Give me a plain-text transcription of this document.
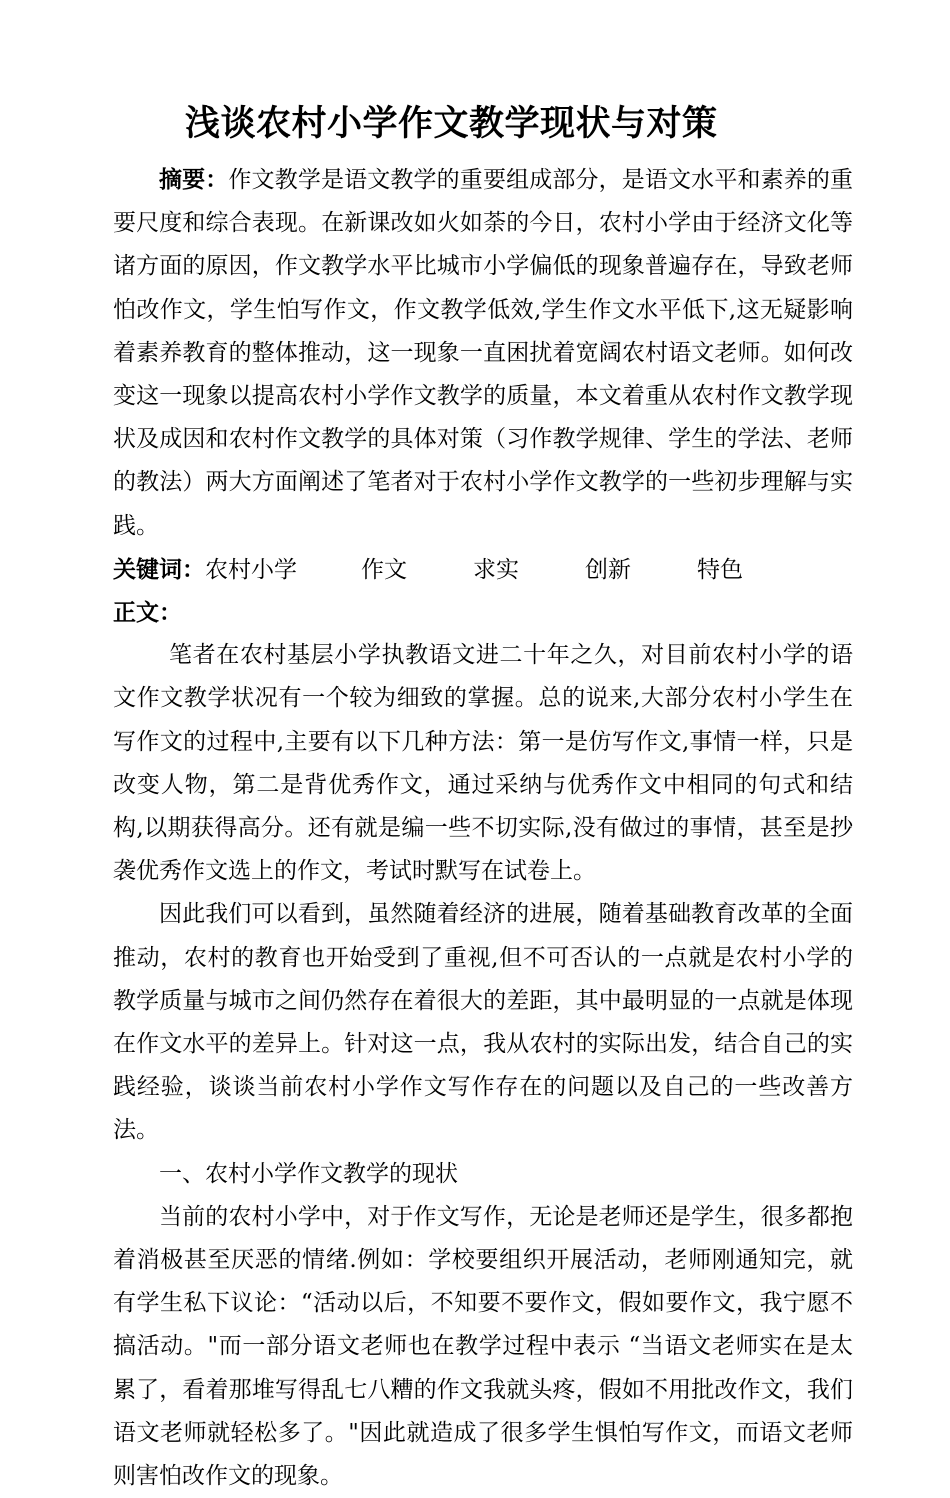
浅谈农村小学作文教学现状与对策

摘要：作文教学是语文教学的重要组成部分，是语文水平和素养的重要尺度和综合表现。在新课改如火如荼的今日，农村小学由于经济文化等诸方面的原因，作文教学水平比城市小学偏低的现象普遍存在，导致老师怕改作文，学生怕写作文，作文教学低效,学生作文水平低下,这无疑影响着素养教育的整体推动，这一现象一直困扰着宽阔农村语文老师。如何改变这一现象以提高农村小学作文教学的质量，本文着重从农村作文教学现状及成因和农村作文教学的具体对策（习作教学规律、学生的学法、老师的教法）两大方面阐述了笔者对于农村小学作文教学的一些初步理解与实践。

关键词：农村小学	作文	求实	创新	特色

正文：

笔者在农村基层小学执教语文进二十年之久，对目前农村小学的语文作文教学状况有一个较为细致的掌握。总的说来,大部分农村小学生在写作文的过程中,主要有以下几种方法：第一是仿写作文,事情一样，只是改变人物，第二是背优秀作文，通过采纳与优秀作文中相同的句式和结构,以期获得高分。还有就是编一些不切实际,没有做过的事情，甚至是抄袭优秀作文选上的作文，考试时默写在试卷上。

因此我们可以看到，虽然随着经济的进展，随着基础教育改革的全面推动，农村的教育也开始受到了重视,但不可否认的一点就是农村小学的教学质量与城市之间仍然存在着很大的差距，其中最明显的一点就是体现在作文水平的差异上。针对这一点，我从农村的实际出发，结合自己的实践经验，谈谈当前农村小学作文写作存在的问题以及自己的一些改善方法。

一、农村小学作文教学的现状

当前的农村小学中，对于作文写作，无论是老师还是学生，很多都抱着消极甚至厌恶的情绪.例如：学校要组织开展活动，老师刚通知完，就有学生私下议论：“活动以后，不知要不要作文，假如要作文，我宁愿不搞活动。"而一部分语文老师也在教学过程中表示 “当语文老师实在是太累了，看着那堆写得乱七八糟的作文我就头疼，假如不用批改作文，我们语文老师就轻松多了。"因此就造成了很多学生惧怕写作文，而语文老师则害怕改作文的现象。
